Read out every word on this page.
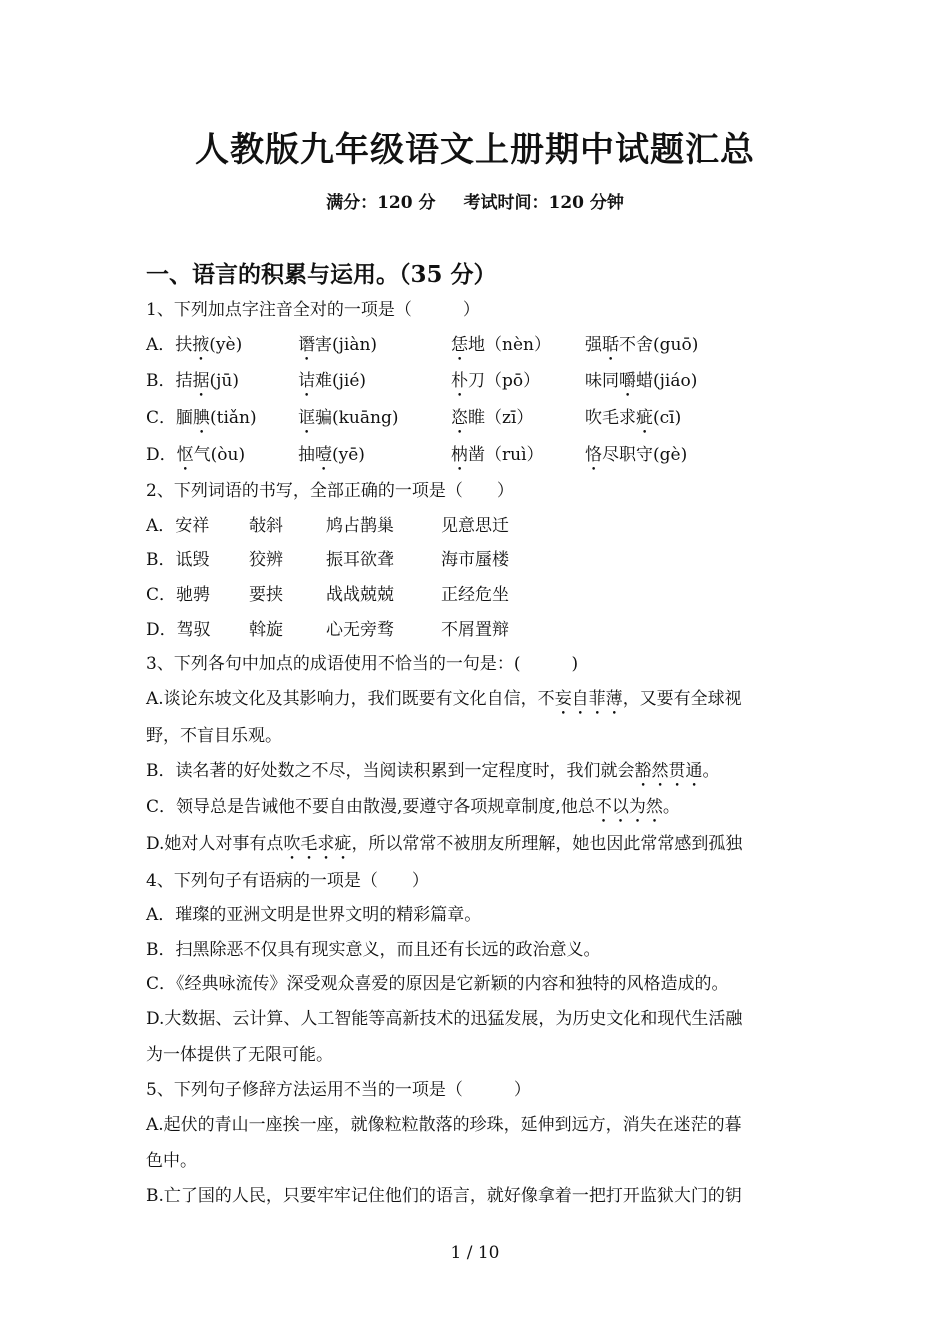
人教版九年级语文上册期中试题汇总
满分：120 分 考试时间：120 分钟
一、语言的积累与运用。（35 分）
1、下列加点字注音全对的一项是（　　　）
A．扶掖(yè)	谮害(jiàn)	恁地（nèn） 强聒不舍(guō)
B．拮据(jū)	诘难(jié)	朴刀（pō）	味同嚼蜡(jiáo)
C．腼腆(tiǎn) 诓骗(kuāng)	恣睢（zī）	吹毛求疵(cī)
D．怄气(òu)	抽噎(yē)	枘凿（ruì） 恪尽职守(gè)
2、下列词语的书写，全部正确的一项是（　　）
A．安祥 敧斜	鸠占鹊巢	见意思迁
B．诋毁 狡辨	振耳欲聋	海市蜃楼
C．驰骋 要挟	战战兢兢	正经危坐
D．驾驭 斡旋	心无旁骛	不屑置辩
3、下列各句中加点的成语使用不恰当的一句是：(　　　)
A.谈论东坡文化及其影响力，我们既要有文化自信，不妄自菲薄，又要有全球视
野，不盲目乐观。
B．读名著的好处数之不尽，当阅读积累到一定程度时，我们就会豁然贯通。
C．领导总是告诫他不要自由散漫,要遵守各项规章制度,他总不以为然。
D.她对人对事有点吹毛求疵，所以常常不被朋友所理解，她也因此常常感到孤独
4、下列句子有语病的一项是（　　）
A．璀璨的亚洲文明是世界文明的精彩篇章。
B．扫黑除恶不仅具有现实意义，而且还有长远的政治意义。
C．《经典咏流传》深受观众喜爱的原因是它新颖的内容和独特的风格造成的。
D.大数据、云计算、人工智能等高新技术的迅猛发展，为历史文化和现代生活融
为一体提供了无限可能。
5、下列句子修辞方法运用不当的一项是（　　　）
A.起伏的青山一座挨一座，就像粒粒散落的珍珠，延伸到远方，消失在迷茫的暮
色中。
B.亡了国的人民，只要牢牢记住他们的语言，就好像拿着一把打开监狱大门的钥
1 / 10
